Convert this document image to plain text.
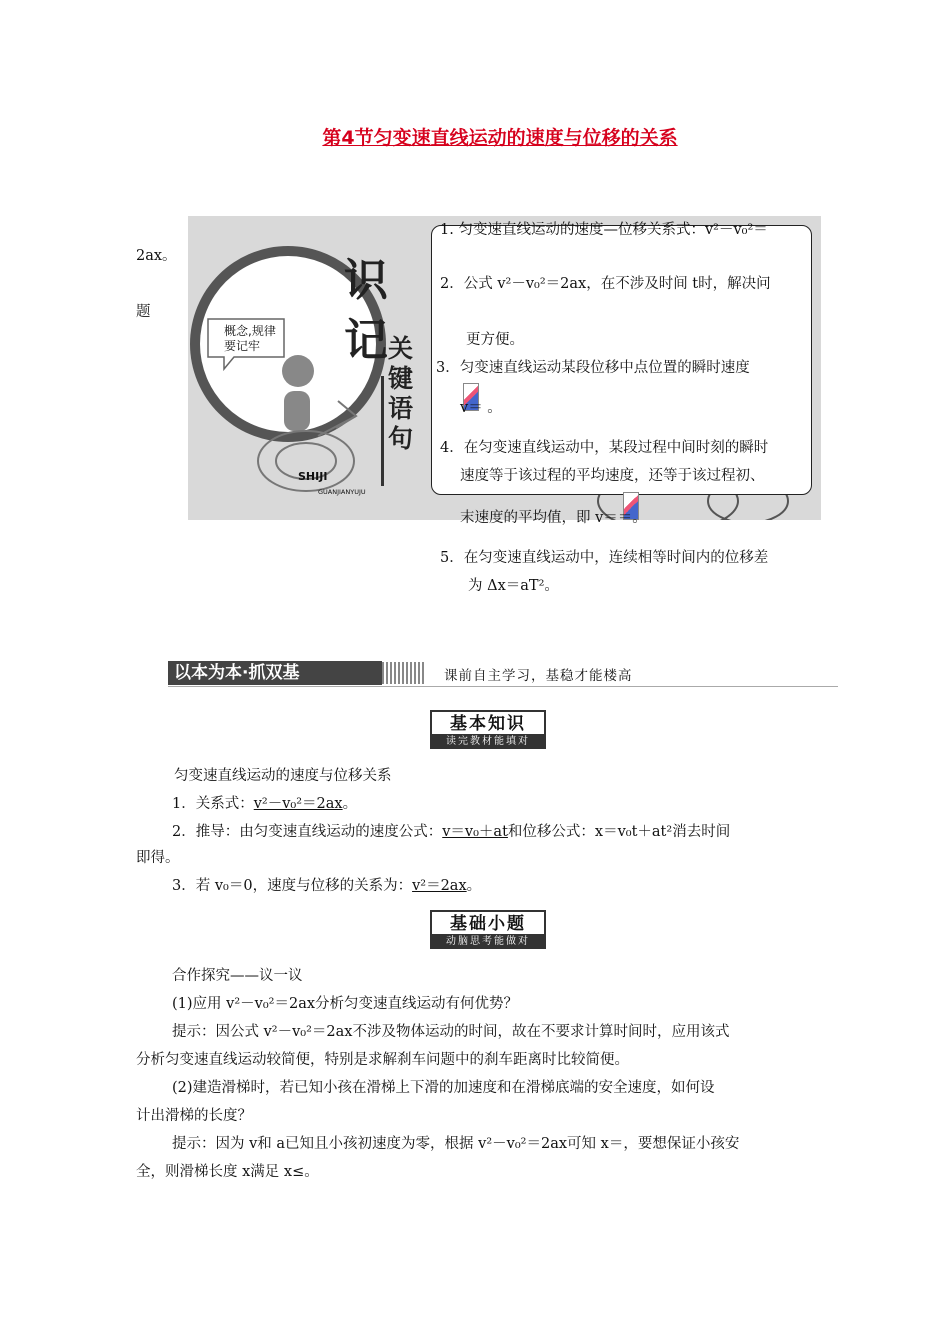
第4节匀变速直线运动的速度与位移的关系
概念,规律要记牢
识
记 关键语句
SHIJI
GUANJIANYUJU
1. 匀变速直线运动的速度—位移关系式：v²－v₀²＝
2ax。
2．公式 v²－v₀²＝2ax，在不涉及时间 t时，解决问
题
更方便。
3．匀变速直线运动某段位移中点位置的瞬时速度
v＝ 。
4．在匀变速直线运动中，某段过程中间时刻的瞬时
速度等于该过程的平均速度，还等于该过程初、
末速度的平均值，即 v＝＝。
5．在匀变速直线运动中，连续相等时间内的位移差
为 Δx＝aT²。
以本为本·抓双基	课前自主学习，基稳才能楼高
基本知识
读完教材能填对
匀变速直线运动的速度与位移关系
1．关系式：v²－v₀²＝2ax。
2．推导：由匀变速直线运动的速度公式：v＝v₀＋at和位移公式：x＝v₀t＋at²消去时间
即得。
3．若 v₀＝0，速度与位移的关系为：v²＝2ax。
基础小题
动脑思考能做对
合作探究——议一议
(1)应用 v²－v₀²＝2ax分析匀变速直线运动有何优势？
提示：因公式 v²－v₀²＝2ax不涉及物体运动的时间，故在不要求计算时间时，应用该式
分析匀变速直线运动较简便，特别是求解刹车问题中的刹车距离时比较简便。
(2)建造滑梯时，若已知小孩在滑梯上下滑的加速度和在滑梯底端的安全速度，如何设
计出滑梯的长度？
提示：因为 v和 a已知且小孩初速度为零，根据 v²－v₀²＝2ax可知 x＝，要想保证小孩安
全，则滑梯长度 x满足 x≤。
